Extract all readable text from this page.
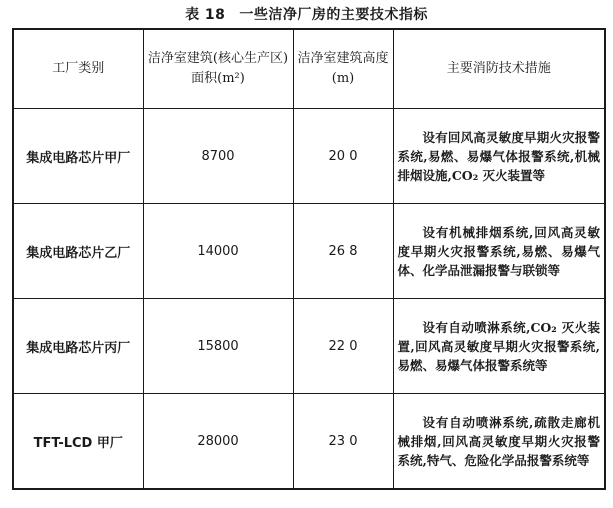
表 18 一些洁净厂房的主要技术指标
工厂类别	洁净室建筑(核心生产区)面积(m²)	洁净室建筑高度(m)	主要消防技术措施
集成电路芯片甲厂	8700	20 0	设有回风高灵敏度早期火灾报警系统,易燃、易爆气体报警系统,机械排烟设施,CO₂ 灭火装置等

集成电路芯片乙厂	14000	26 8	设有机械排烟系统,回风高灵敏度早期火灾报警系统,易燃、易爆气体、化学品泄漏报警与联锁等

集成电路芯片丙厂	15800	22 0	设有自动喷淋系统,CO₂ 灭火装置,回风高灵敏度早期火灾报警系统,易燃、易爆气体报警系统等

TFT-LCD 甲厂	28000	23 0	设有自动喷淋系统,疏散走廊机械排烟,回风高灵敏度早期火灾报警系统,特气、危险化学品报警系统等
